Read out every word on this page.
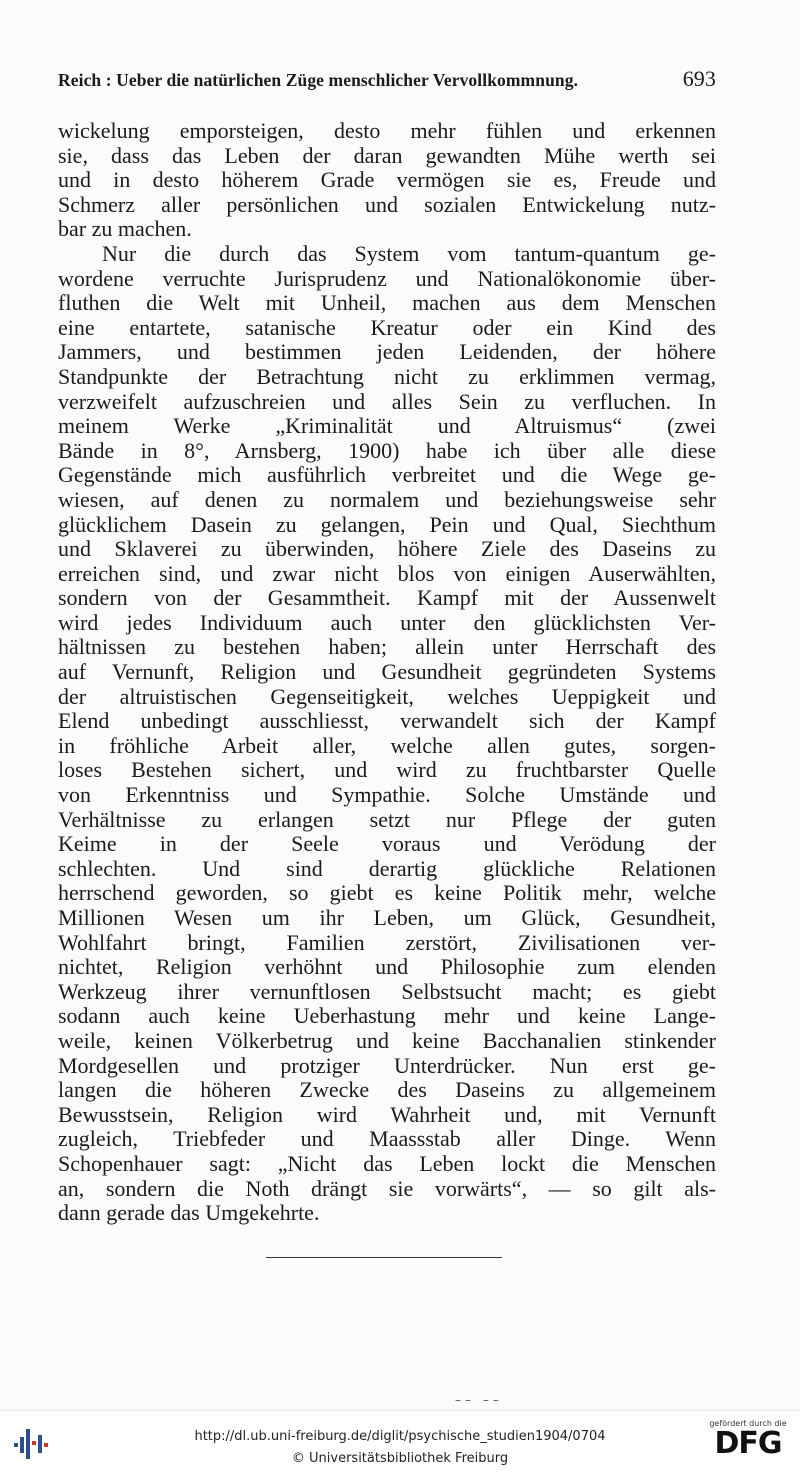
Reich : Ueber die natürlichen Züge menschlicher Vervollkommnung.	693
wickelung emporsteigen, desto mehr fühlen und erkennen
sie, dass das Leben der daran gewandten Mühe werth sei
und in desto höherem Grade vermögen sie es, Freude und
Schmerz aller persönlichen und sozialen Entwickelung nutz-
bar zu machen.
Nur die durch das System vom tantum-quantum ge-
wordene verruchte Jurisprudenz und Nationalökonomie über-
fluthen die Welt mit Unheil, machen aus dem Menschen
eine entartete, satanische Kreatur oder ein Kind des
Jammers, und bestimmen jeden Leidenden, der höhere
Standpunkte der Betrachtung nicht zu erklimmen vermag,
verzweifelt aufzuschreien und alles Sein zu verfluchen. In
meinem Werke „Kriminalität und Altruismus“ (zwei
Bände in 8°, Arnsberg, 1900) habe ich über alle diese
Gegenstände mich ausführlich verbreitet und die Wege ge-
wiesen, auf denen zu normalem und beziehungsweise sehr
glücklichem Dasein zu gelangen, Pein und Qual, Siechthum
und Sklaverei zu überwinden, höhere Ziele des Daseins zu
erreichen sind, und zwar nicht blos von einigen Auserwählten,
sondern von der Gesammtheit. Kampf mit der Aussenwelt
wird jedes Individuum auch unter den glücklichsten Ver-
hältnissen zu bestehen haben; allein unter Herrschaft des
auf Vernunft, Religion und Gesundheit gegründeten Systems
der altruistischen Gegenseitigkeit, welches Ueppigkeit und
Elend unbedingt ausschliesst, verwandelt sich der Kampf
in fröhliche Arbeit aller, welche allen gutes, sorgen-
loses Bestehen sichert, und wird zu fruchtbarster Quelle
von Erkenntniss und Sympathie. Solche Umstände und
Verhältnisse zu erlangen setzt nur Pflege der guten
Keime in der Seele voraus und Verödung der
schlechten. Und sind derartig glückliche Relationen
herrschend geworden, so giebt es keine Politik mehr, welche
Millionen Wesen um ihr Leben, um Glück, Gesundheit,
Wohlfahrt bringt, Familien zerstört, Zivilisationen ver-
nichtet, Religion verhöhnt und Philosophie zum elenden
Werkzeug ihrer vernunftlosen Selbstsucht macht; es giebt
sodann auch keine Ueberhastung mehr und keine Lange-
weile, keinen Völkerbetrug und keine Bacchanalien stinkender
Mordgesellen und protziger Unterdrücker. Nun erst ge-
langen die höheren Zwecke des Daseins zu allgemeinem
Bewusstsein, Religion wird Wahrheit und, mit Vernunft
zugleich, Triebfeder und Maassstab aller Dinge. Wenn
Schopenhauer sagt: „Nicht das Leben lockt die Menschen
an, sondern die Noth drängt sie vorwärts“, — so gilt als-
dann gerade das Umgekehrte.
–– ––
http://dl.ub.uni-freiburg.de/diglit/psychische_studien1904/0704
© Universitätsbibliothek Freiburg
gefördert durch die
DFG
